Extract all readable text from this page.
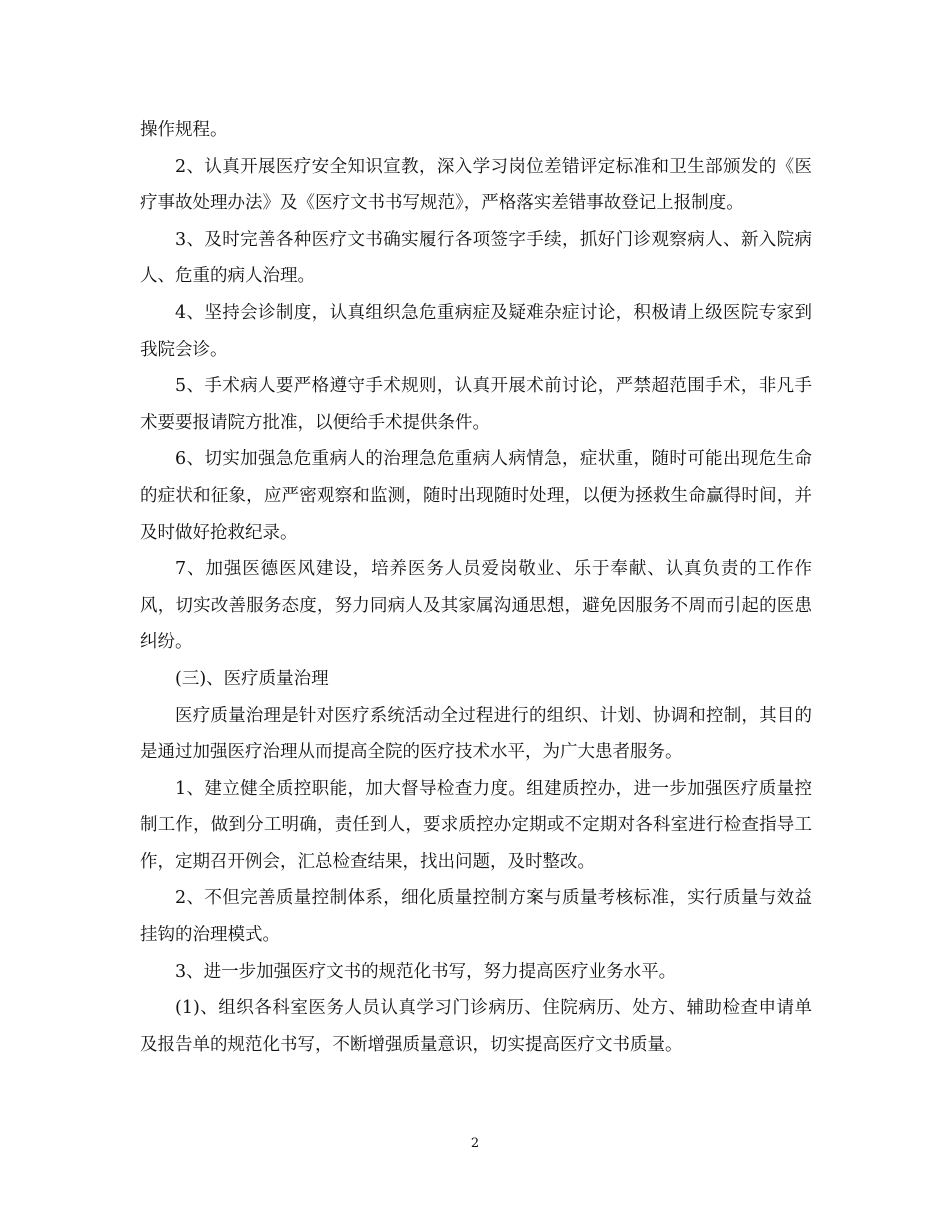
操作规程。

2、认真开展医疗安全知识宣教，深入学习岗位差错评定标准和卫生部颁发的《医疗事故处理办法》及《医疗文书书写规范》，严格落实差错事故登记上报制度。

3、及时完善各种医疗文书确实履行各项签字手续，抓好门诊观察病人、新入院病人、危重的病人治理。

4、坚持会诊制度，认真组织急危重病症及疑难杂症讨论，积极请上级医院专家到我院会诊。

5、手术病人要严格遵守手术规则，认真开展术前讨论，严禁超范围手术，非凡手术要要报请院方批准，以便给手术提供条件。

6、切实加强急危重病人的治理急危重病人病情急，症状重，随时可能出现危生命的症状和征象，应严密观察和监测，随时出现随时处理，以便为拯救生命赢得时间，并及时做好抢救纪录。

7、加强医德医风建设，培养医务人员爱岗敬业、乐于奉献、认真负责的工作作风，切实改善服务态度，努力同病人及其家属沟通思想，避免因服务不周而引起的医患纠纷。

(三)、医疗质量治理

医疗质量治理是针对医疗系统活动全过程进行的组织、计划、协调和控制，其目的是通过加强医疗治理从而提高全院的医疗技术水平，为广大患者服务。

1、建立健全质控职能，加大督导检查力度。组建质控办，进一步加强医疗质量控制工作，做到分工明确，责任到人，要求质控办定期或不定期对各科室进行检查指导工作，定期召开例会，汇总检查结果，找出问题，及时整改。

2、不但完善质量控制体系，细化质量控制方案与质量考核标准，实行质量与效益挂钩的治理模式。

3、进一步加强医疗文书的规范化书写，努力提高医疗业务水平。

(1)、组织各科室医务人员认真学习门诊病历、住院病历、处方、辅助检查申请单及报告单的规范化书写，不断增强质量意识，切实提高医疗文书质量。

2
